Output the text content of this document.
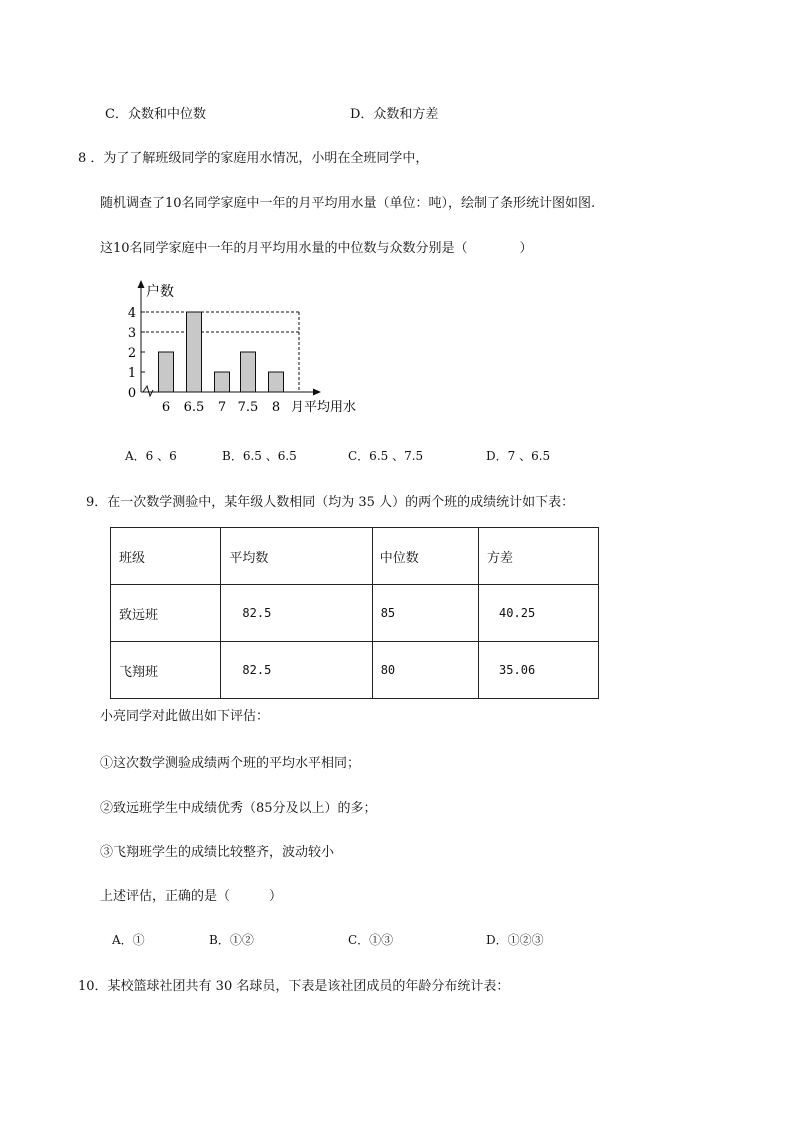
C．众数和中位数	D．众数和方差
8 ．为了了解班级同学的家庭用水情况，小明在全班同学中，
随机调查了10名同学家庭中一年的月平均用水量（单位：吨），绘制了条形统计图如图.
这10名同学家庭中一年的月平均用水量的中位数与众数分别是（　　　　）
户数
月平均用水
0
1
2
3
4
6 6.5 7 7.5 8
A．6 、6	B．6.5 、6.5	C．6.5 、7.5	D．7 、6.5
9．在一次数学测验中，某年级人数相同（均为 35 人）的两个班的成绩统计如下表：
班级	平均数	中位数	方差
致远班	82.5	85	40.25
飞翔班	82.5	80	35.06
小亮同学对此做出如下评估：
①这次数学测验成绩两个班的平均水平相同；
②致远班学生中成绩优秀（85分及以上）的多；
③飞翔班学生的成绩比较整齐，波动较小
上述评估，正确的是（　　　）
A．①	B．①②	C．①③	D．①②③
10．某校篮球社团共有 30 名球员，下表是该社团成员的年龄分布统计表：
